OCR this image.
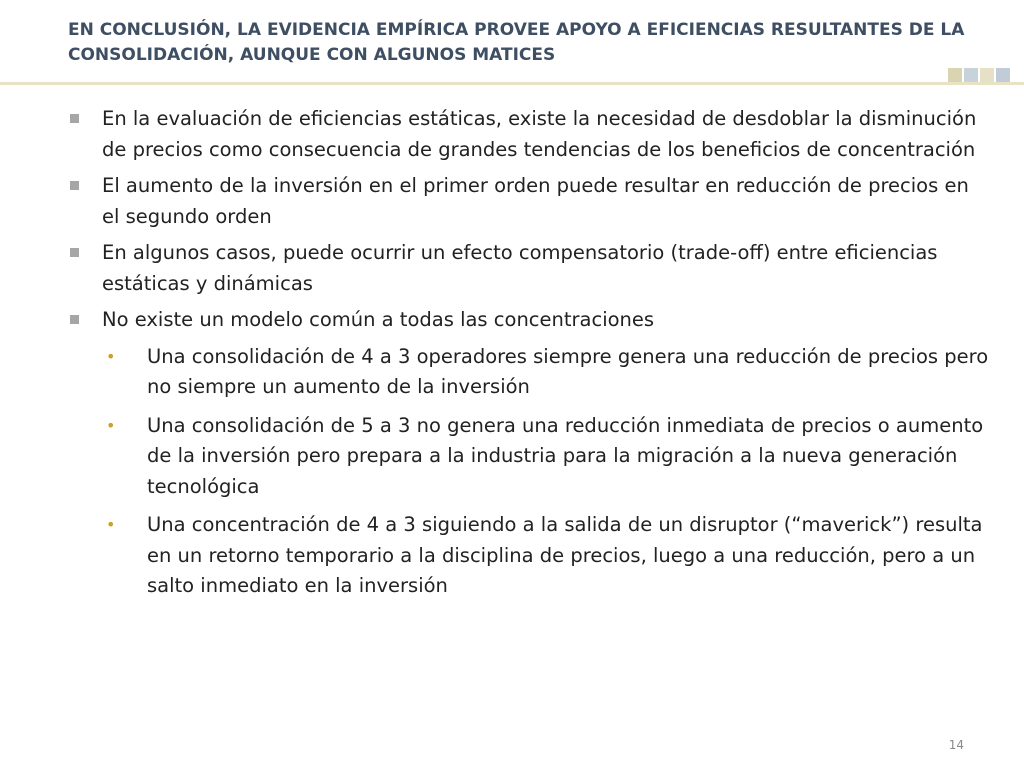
EN CONCLUSIÓN, LA EVIDENCIA EMPÍRICA PROVEE APOYO A EFICIENCIAS RESULTANTES DE LA CONSOLIDACIÓN, AUNQUE CON ALGUNOS MATICES
En la evaluación de eficiencias estáticas, existe la necesidad de desdoblar la disminución de precios como consecuencia de grandes tendencias de los beneficios de concentración
El aumento de la inversión en el primer orden puede resultar en reducción de precios en el segundo orden
En algunos casos, puede ocurrir un efecto compensatorio (trade-off) entre eficiencias estáticas y dinámicas
No existe un modelo común a todas las concentraciones
• Una consolidación de 4 a 3 operadores siempre genera una reducción de precios pero no siempre un aumento de la inversión
• Una consolidación de 5 a 3 no genera una reducción inmediata de precios o aumento de la inversión pero prepara a la industria para la migración a la nueva generación tecnológica
• Una concentración de 4 a 3 siguiendo a la salida de un disruptor (“maverick”) resulta en un retorno temporario a la disciplina de precios, luego a una reducción, pero a un salto inmediato en la inversión
14
